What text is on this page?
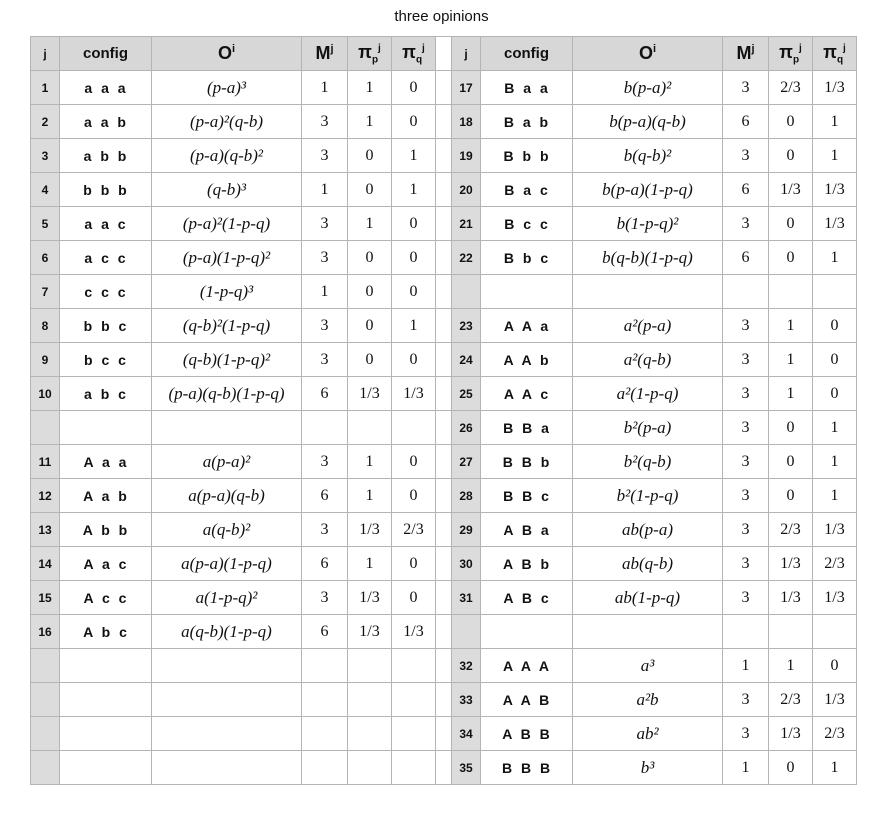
three opinions
j	config	$O^i$	$M^j$	$\pi_p^j$	$\pi_q^j$		j	config	$O^i$	$M^j$	$\pi_p^j$	$\pi_q^j$
1	a a a	(p-a)³	1	1	0		17	B a a	b(p-a)²	3	2/3	1/3
2	a a b	(p-a)²(q-b)	3	1	0		18	B a b	b(p-a)(q-b)	6	0	1
3	a b b	(p-a)(q-b)²	3	0	1		19	B b b	b(q-b)²	3	0	1
4	b b b	(q-b)³	1	0	1		20	B a c	b(p-a)(1-p-q)	6	1/3	1/3
5	a a c	(p-a)²(1-p-q)	3	1	0		21	B c c	b(1-p-q)²	3	0	1/3
6	a c c	(p-a)(1-p-q)²	3	0	0		22	B b c	b(q-b)(1-p-q)	6	0	1
7	c c c	(1-p-q)³	1	0	0							
8	b b c	(q-b)²(1-p-q)	3	0	1		23	A A a	a²(p-a)	3	1	0
9	b c c	(q-b)(1-p-q)²	3	0	0		24	A A b	a²(q-b)	3	1	0
10	a b c	(p-a)(q-b)(1-p-q)	6	1/3	1/3		25	A A c	a²(1-p-q)	3	1	0
							26	B B a	b²(p-a)	3	0	1
11	A a a	a(p-a)²	3	1	0		27	B B b	b²(q-b)	3	0	1
12	A a b	a(p-a)(q-b)	6	1	0		28	B B c	b²(1-p-q)	3	0	1
13	A b b	a(q-b)²	3	1/3	2/3		29	A B a	ab(p-a)	3	2/3	1/3
14	A a c	a(p-a)(1-p-q)	6	1	0		30	A B b	ab(q-b)	3	1/3	2/3
15	A c c	a(1-p-q)²	3	1/3	0		31	A B c	ab(1-p-q)	3	1/3	1/3
16	A b c	a(q-b)(1-p-q)	6	1/3	1/3							
							32	A A A	a³	1	1	0
							33	A A B	a²b	3	2/3	1/3
							34	A B B	ab²	3	1/3	2/3
							35	B B B	b³	1	0	1
